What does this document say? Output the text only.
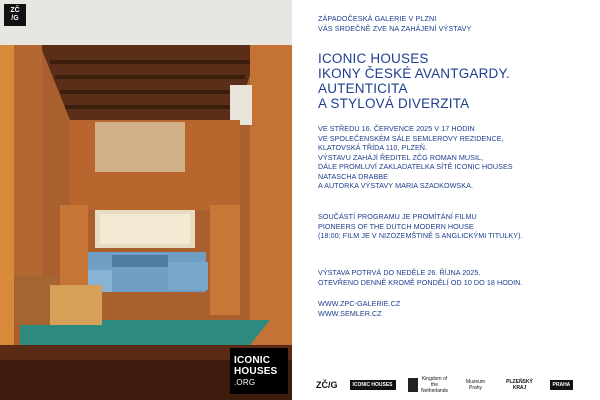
ZČ
/G
ICONIC
HOUSES
.ORG
ZÁPADOČESKÁ GALERIE V PLZNI
VÁS SRDEČNĚ ZVE NA ZAHÁJENÍ VÝSTAVY
ICONIC HOUSES
IKONY ČESKÉ AVANTGARDY.
AUTENTICITA
A STYLOVÁ DIVERZITA
VE STŘEDU 16. ČERVENCE 2025 V 17 HODIN
VE SPOLEČENSKÉM SÁLE SEMLEROVY REZIDENCE,
KLATOVSKÁ TŘÍDA 110, PLZEŇ.
VÝSTAVU ZAHÁJÍ ŘEDITEL ZČG ROMAN MUSIL,
DÁLE PROMLUVÍ ZAKLADATELKA SÍTĚ ICONIC HOUSES
NATASCHA DRABBE
A AUTORKA VÝSTAVY MARIA SZADKOWSKA.
SOUČÁSTÍ PROGRAMU JE PROMÍTÁNÍ FILMU
PIONEERS OF THE DUTCH MODERN HOUSE
(18:00; FILM JE V NIZOZEMŠTINĚ S ANGLICKÝMI TITULKY).
VÝSTAVA POTRVÁ DO NEDĚLE 26. ŘÍJNA 2025.
OTEVŘENO DENNĚ KROMĚ PONDĚLÍ OD 10 DO 18 HODIN.
WWW.ZPC-GALERIE.CZ
WWW.SEMLER.CZ
ZČ/G	ICONIC HOUSES
Kingdom of the Netherlands
Muzeum Prahy
PLZEŇSKÝ KRAJ	PRAHA
